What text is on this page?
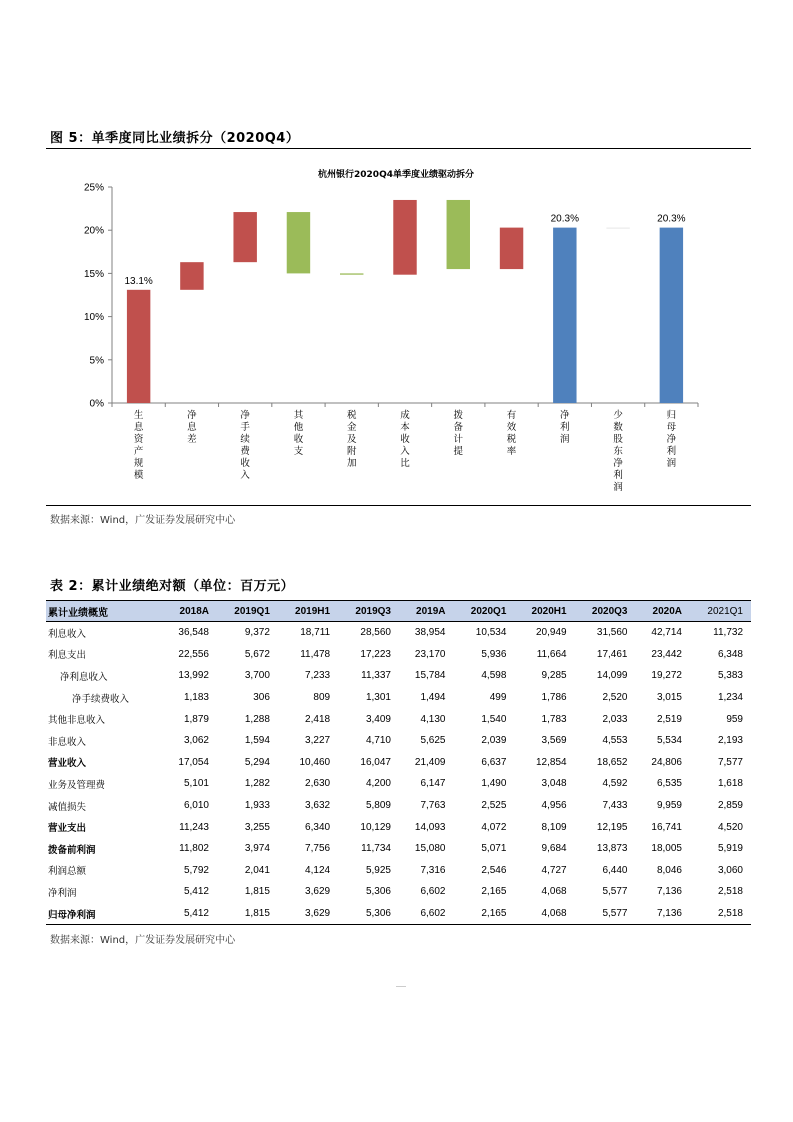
图 5：单季度同比业绩拆分（2020Q4）
杭州银行2020Q4单季度业绩驱动拆分
0%
5%
10%
15%
20%
25%
13.1%
20.3%	20.3%
生息资产规模
净息差
净手续费收入
其他收支
税金及附加
成本收入比
拨备计提
有效税率
净利润
少数股东净利润
归母净利润
数据来源：Wind，广发证券发展研究中心
表 2：累计业绩绝对额（单位：百万元）
累计业绩概览	2018A	2019Q1	2019H1	2019Q3	2019A	2020Q1	2020H1	2020Q3	2020A	2021Q1
利息收入	36,548	9,372	18,711	28,560	38,954	10,534	20,949	31,560	42,714	11,732
利息支出	22,556	5,672	11,478	17,223	23,170	5,936	11,664	17,461	23,442	6,348
净利息收入	13,992	3,700	7,233	11,337	15,784	4,598	9,285	14,099	19,272	5,383
净手续费收入	1,183	306	809	1,301	1,494	499	1,786	2,520	3,015	1,234
其他非息收入	1,879	1,288	2,418	3,409	4,130	1,540	1,783	2,033	2,519	959
非息收入	3,062	1,594	3,227	4,710	5,625	2,039	3,569	4,553	5,534	2,193
营业收入	17,054	5,294	10,460	16,047	21,409	6,637	12,854	18,652	24,806	7,577
业务及管理费	5,101	1,282	2,630	4,200	6,147	1,490	3,048	4,592	6,535	1,618
减值损失	6,010	1,933	3,632	5,809	7,763	2,525	4,956	7,433	9,959	2,859
营业支出	11,243	3,255	6,340	10,129	14,093	4,072	8,109	12,195	16,741	4,520
拨备前利润	11,802	3,974	7,756	11,734	15,080	5,071	9,684	13,873	18,005	5,919
利润总额	5,792	2,041	4,124	5,925	7,316	2,546	4,727	6,440	8,046	3,060
净利润	5,412	1,815	3,629	5,306	6,602	2,165	4,068	5,577	7,136	2,518
归母净利润	5,412	1,815	3,629	5,306	6,602	2,165	4,068	5,577	7,136	2,518
数据来源：Wind，广发证券发展研究中心
